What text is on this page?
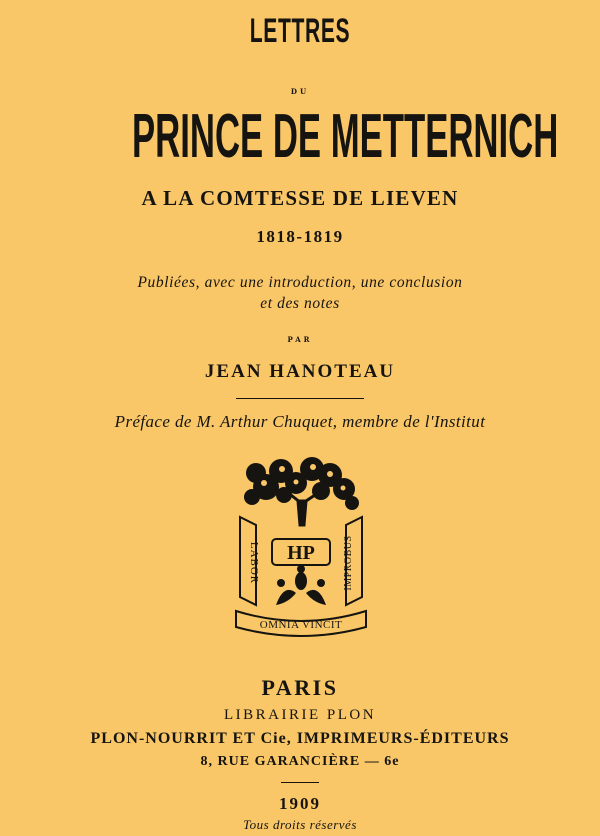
LETTRES
DU
PRINCE DE METTERNICH
A LA COMTESSE DE LIEVEN
1818-1819
Publiées, avec une introduction, une conclusion
et des notes
PAR
JEAN HANOTEAU
Préface de M. Arthur Chuquet, membre de l'Institut
HP
LABOR	IMPROBUS
OMNIA VINCIT
PARIS
LIBRAIRIE PLON
PLON-NOURRIT ET Cie, IMPRIMEURS-ÉDITEURS
8, RUE GARANCIÈRE — 6e
1909
Tous droits réservés
